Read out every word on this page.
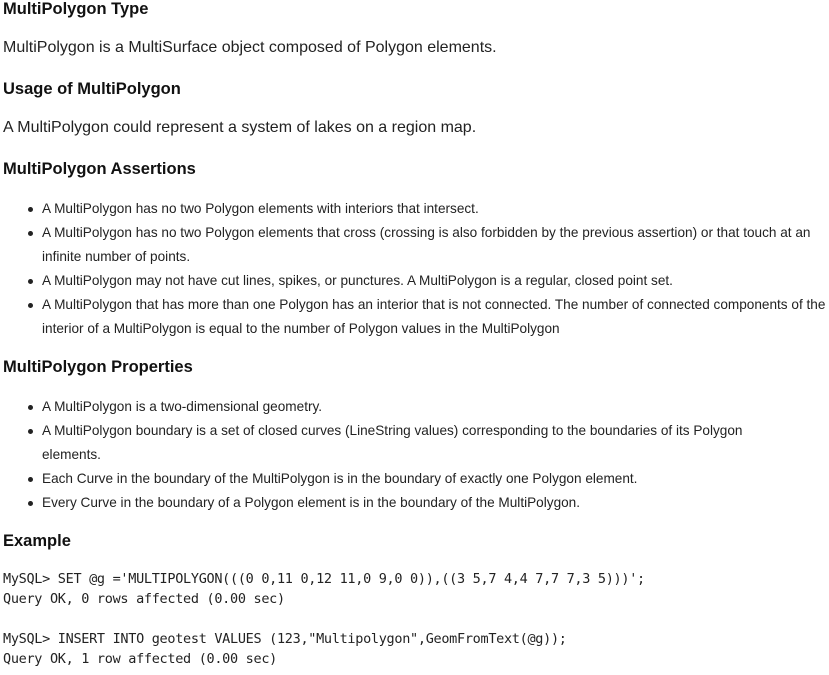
MultiPolygon Type

MultiPolygon is a MultiSurface object composed of Polygon elements.

Usage of MultiPolygon

A MultiPolygon could represent a system of lakes on a region map.

MultiPolygon Assertions
A MultiPolygon has no two Polygon elements with interiors that intersect.
A MultiPolygon has no two Polygon elements that cross (crossing is also forbidden by the previous assertion) or that touch at an infinite number of points.
A MultiPolygon may not have cut lines, spikes, or punctures. A MultiPolygon is a regular, closed point set.
A MultiPolygon that has more than one Polygon has an interior that is not connected. The number of connected components of the interior of a MultiPolygon is equal to the number of Polygon values in the MultiPolygon
MultiPolygon Properties
A MultiPolygon is a two-dimensional geometry.
A MultiPolygon boundary is a set of closed curves (LineString values) corresponding to the boundaries of its Polygon elements.
Each Curve in the boundary of the MultiPolygon is in the boundary of exactly one Polygon element.
Every Curve in the boundary of a Polygon element is in the boundary of the MultiPolygon.
Example
MySQL> SET @g ='MULTIPOLYGON(((0 0,11 0,12 11,0 9,0 0)),((3 5,7 4,4 7,7 7,3 5)))';
Query OK, 0 rows affected (0.00 sec)

MySQL> INSERT INTO geotest VALUES (123,"Multipolygon",GeomFromText(@g));
Query OK, 1 row affected (0.00 sec)
